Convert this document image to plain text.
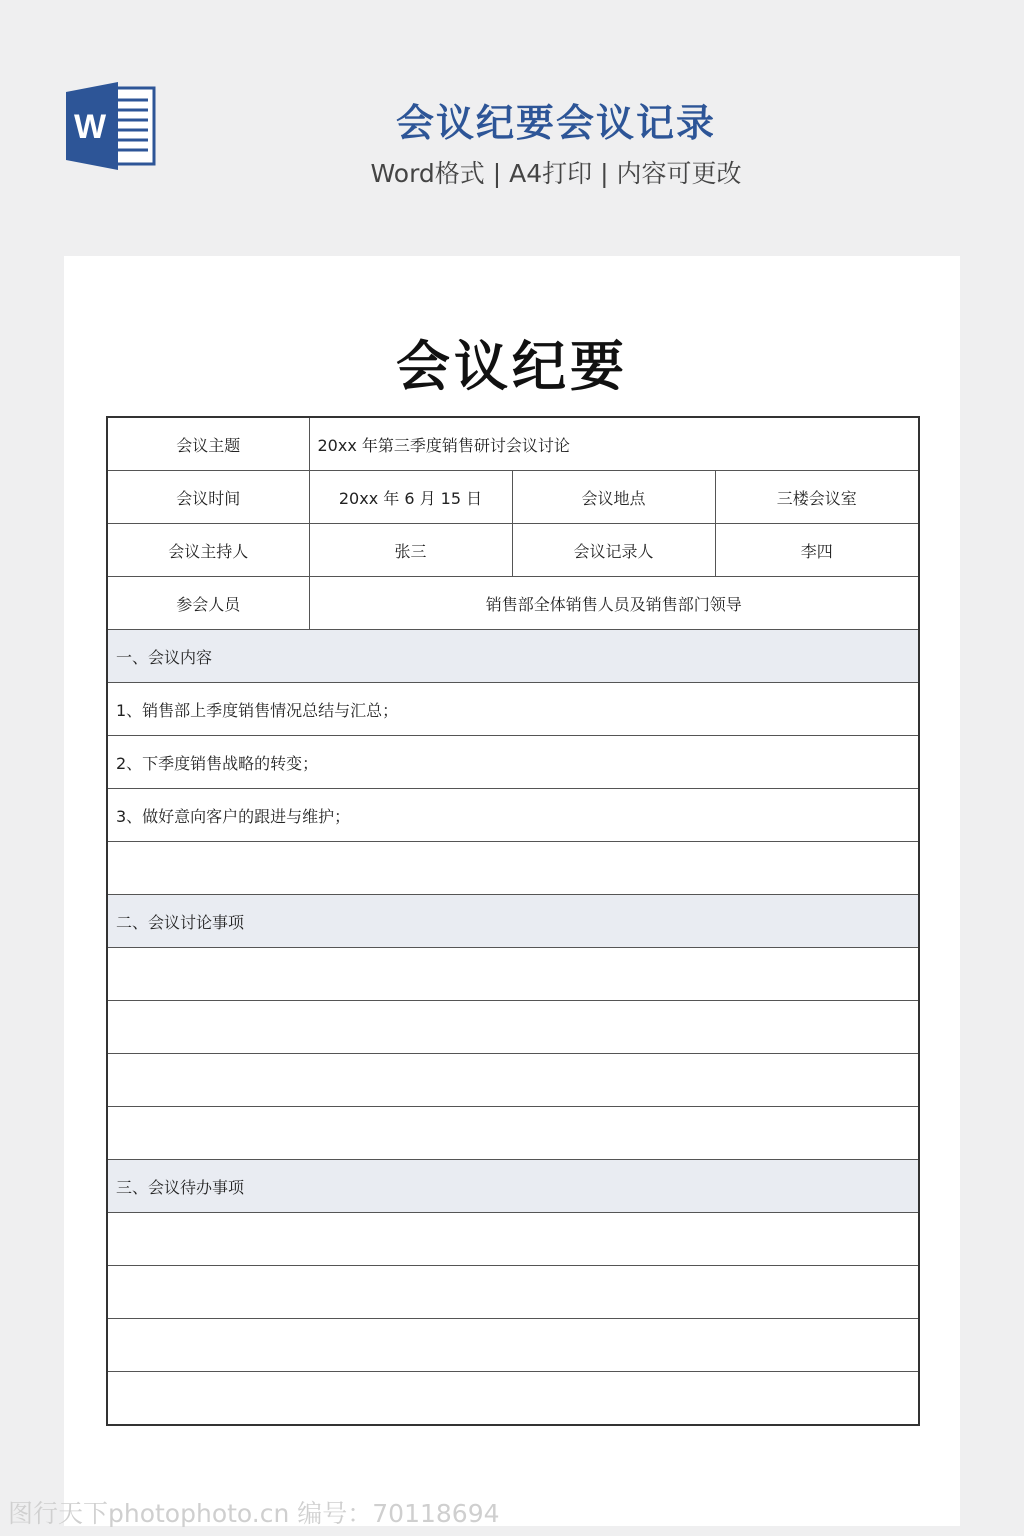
W	会议纪要会议记录
Word格式 | A4打印 | 内容可更改
会议纪要
会议主题	20xx 年第三季度销售研讨会议讨论		
会议时间	20xx 年 6 月 15 日	会议地点	三楼会议室
会议主持人	张三	会议记录人	李四
参会人员	销售部全体销售人员及销售部门领导		
一、会议内容			
1、销售部上季度销售情况总结与汇总；			
2、下季度销售战略的转变；			
3、做好意向客户的跟进与维护；			

二、会议讨论事项			

三、会议待办事项			

图行天下photophoto.cn 编号：70118694
